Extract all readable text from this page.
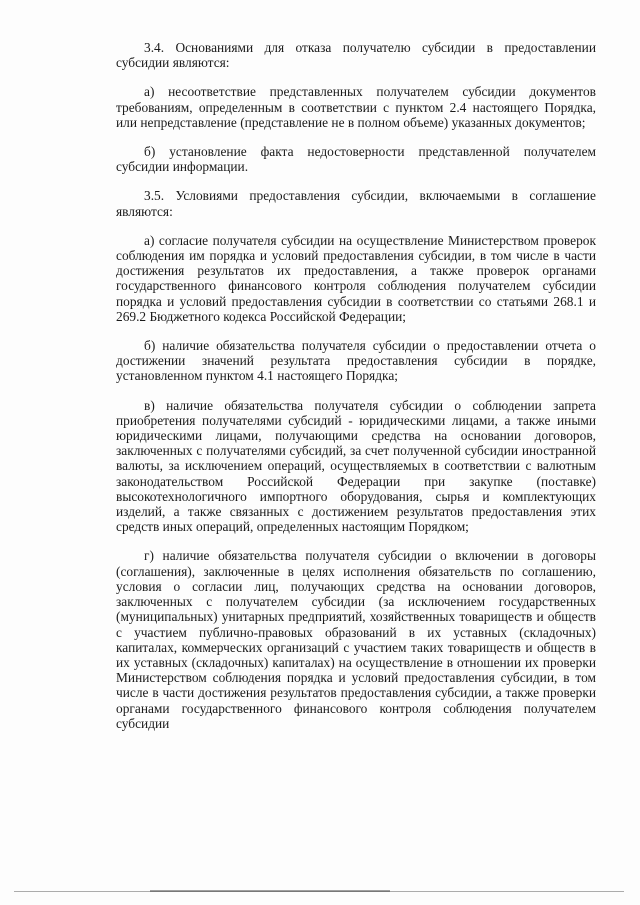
3.4. Основаниями для отказа получателю субсидии в предоставлении субсидии являются:

а) несоответствие представленных получателем субсидии документов требованиям, определенным в соответствии с пунктом 2.4 настоящего Порядка, или непредставление (представление не в полном объеме) указанных документов;

б) установление факта недостоверности представленной получателем субсидии информации.

3.5. Условиями предоставления субсидии, включаемыми в соглашение являются:

а) согласие получателя субсидии на осуществление Министерством проверок соблюдения им порядка и условий предоставления субсидии, в том числе в части достижения результатов их предоставления, а также проверок органами государственного финансового контроля соблюдения получателем субсидии порядка и условий предоставления субсидии в соответствии со статьями 268.1 и 269.2 Бюджетного кодекса Российской Федерации;

б) наличие обязательства получателя субсидии о предоставлении отчета о достижении значений результата предоставления субсидии в порядке, установленном пунктом 4.1 настоящего Порядка;

в) наличие обязательства получателя субсидии о соблюдении запрета приобретения получателями субсидий - юридическими лицами, а также иными юридическими лицами, получающими средства на основании договоров, заключенных с получателями субсидий, за счет полученной субсидии иностранной валюты, за исключением операций, осуществляемых в соответствии с валютным законодательством Российской Федерации при закупке (поставке) высокотехнологичного импортного оборудования, сырья и комплектующих изделий, а также связанных с достижением результатов предоставления этих средств иных операций, определенных настоящим Порядком;

г) наличие обязательства получателя субсидии о включении в договоры (соглашения), заключенные в целях исполнения обязательств по соглашению, условия о согласии лиц, получающих средства на основании договоров, заключенных с получателем субсидии (за исключением государственных (муниципальных) унитарных предприятий, хозяйственных товариществ и обществ с участием публично-правовых образований в их уставных (складочных) капиталах, коммерческих организаций с участием таких товариществ и обществ в их уставных (складочных) капиталах) на осуществление в отношении их проверки Министерством соблюдения порядка и условий предоставления субсидии, в том числе в части достижения результатов предоставления субсидии, а также проверки органами государственного финансового контроля соблюдения получателем субсидии
